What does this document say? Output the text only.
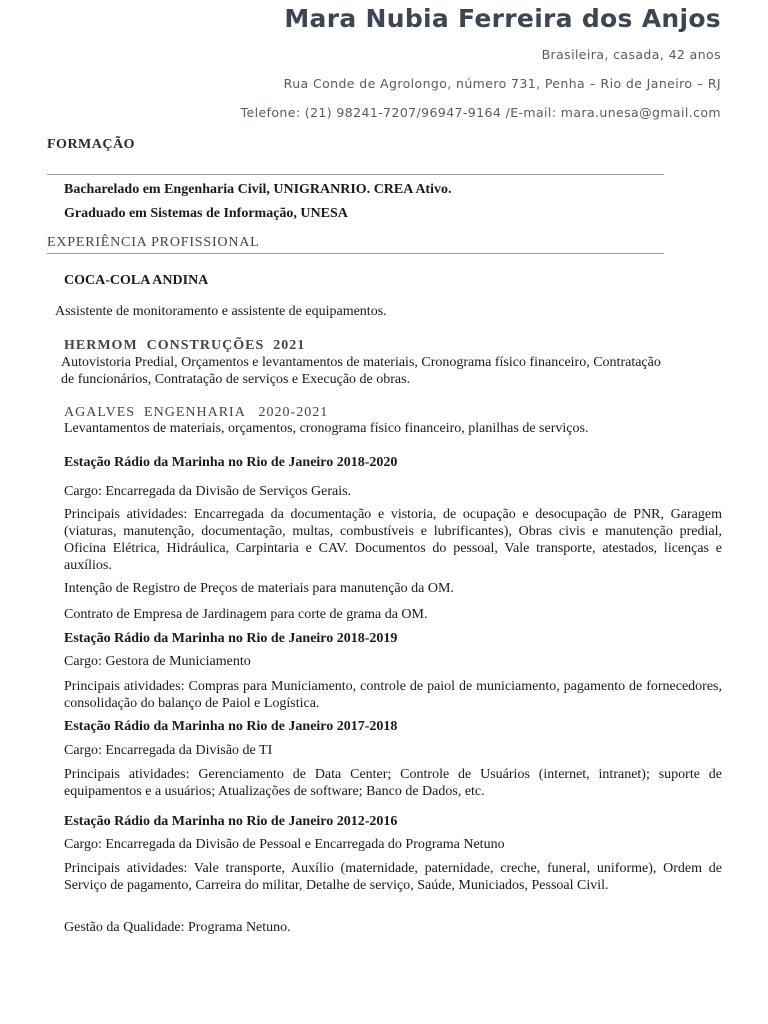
Mara Nubia Ferreira dos Anjos
Brasileira, casada, 42 anos
Rua Conde de Agrolongo, número 731, Penha – Rio de Janeiro – RJ
Telefone: (21) 98241-7207/96947-9164 /E-mail: mara.unesa@gmail.com
FORMAÇÃO
Bacharelado em Engenharia Civil, UNIGRANRIO. CREA Ativo.
Graduado em Sistemas de Informação, UNESA
EXPERIÊNCIA PROFISSIONAL
COCA-COLA ANDINA
Assistente de monitoramento e assistente de equipamentos.
HERMOM  CONSTRUÇÕES  2021
Autovistoria Predial, Orçamentos e levantamentos de materiais, Cronograma físico financeiro, Contratação de funcionários, Contratação de serviços e Execução de obras.
AGALVES  ENGENHARIA   2020-2021
Levantamentos de materiais, orçamentos, cronograma físico financeiro, planilhas de serviços.
Estação Rádio da Marinha no Rio de Janeiro 2018-2020
Cargo: Encarregada da Divisão de Serviços Gerais.
Principais atividades: Encarregada da documentação e vistoria, de ocupação e desocupação de PNR, Garagem (viaturas, manutenção, documentação, multas, combustíveis e lubrificantes), Obras civis e manutenção predial, Oficina Elétrica, Hidráulica, Carpintaria e CAV. Documentos do pessoal, Vale transporte, atestados, licenças e auxílios.
Intenção de Registro de Preços de materiais para manutenção da OM.
Contrato de Empresa de Jardinagem para corte de grama da OM.
Estação Rádio da Marinha no Rio de Janeiro 2018-2019
Cargo: Gestora de Municiamento
Principais atividades: Compras para Municiamento, controle de paiol de municiamento, pagamento de fornecedores, consolidação do balanço de Paiol e Logística.
Estação Rádio da Marinha no Rio de Janeiro 2017-2018
Cargo: Encarregada da Divisão de TI
Principais atividades: Gerenciamento de Data Center; Controle de Usuários (internet, intranet); suporte de equipamentos e a usuários; Atualizações de software; Banco de Dados, etc.
Estação Rádio da Marinha no Rio de Janeiro 2012-2016
Cargo: Encarregada da Divisão de Pessoal e Encarregada do Programa Netuno
Principais atividades: Vale transporte, Auxílio (maternidade, paternidade, creche, funeral, uniforme), Ordem de Serviço de pagamento, Carreira do militar, Detalhe de serviço, Saúde, Municiados, Pessoal Civil.
Gestão da Qualidade: Programa Netuno.
